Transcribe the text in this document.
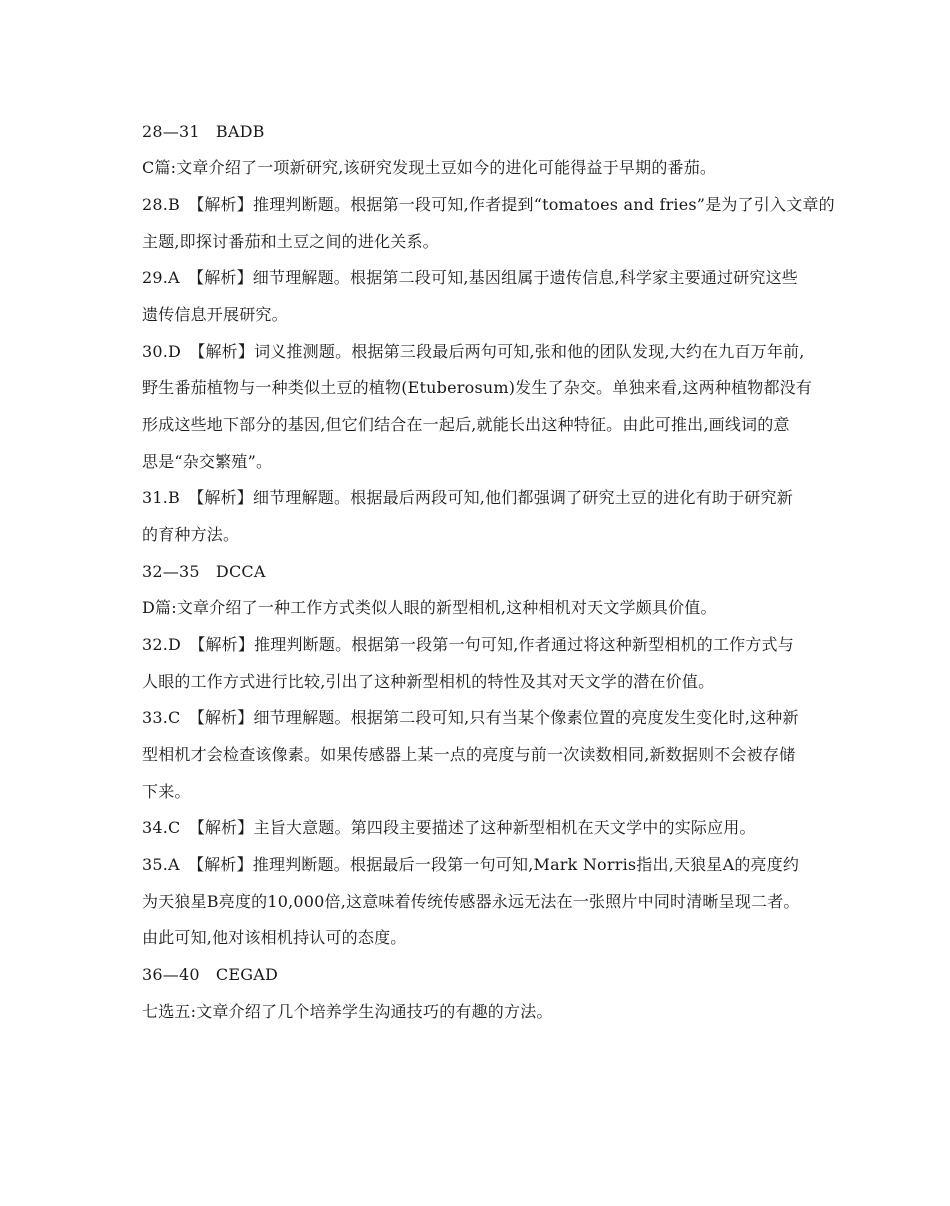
28—31　BADB
C篇:文章介绍了一项新研究,该研究发现土豆如今的进化可能得益于早期的番茄。
28.B　【解析】推理判断题。根据第一段可知,作者提到“tomatoes and fries”是为了引入文章的
主题,即探讨番茄和土豆之间的进化关系。
29.A　【解析】细节理解题。根据第二段可知,基因组属于遗传信息,科学家主要通过研究这些
遗传信息开展研究。
30.D　【解析】词义推测题。根据第三段最后两句可知,张和他的团队发现,大约在九百万年前,
野生番茄植物与一种类似土豆的植物(Etuberosum)发生了杂交。单独来看,这两种植物都没有
形成这些地下部分的基因,但它们结合在一起后,就能长出这种特征。由此可推出,画线词的意
思是“杂交繁殖”。
31.B　【解析】细节理解题。根据最后两段可知,他们都强调了研究土豆的进化有助于研究新
的育种方法。
32—35　DCCA
D篇:文章介绍了一种工作方式类似人眼的新型相机,这种相机对天文学颇具价值。
32.D　【解析】推理判断题。根据第一段第一句可知,作者通过将这种新型相机的工作方式与
人眼的工作方式进行比较,引出了这种新型相机的特性及其对天文学的潜在价值。
33.C　【解析】细节理解题。根据第二段可知,只有当某个像素位置的亮度发生变化时,这种新
型相机才会检查该像素。如果传感器上某一点的亮度与前一次读数相同,新数据则不会被存储
下来。
34.C　【解析】主旨大意题。第四段主要描述了这种新型相机在天文学中的实际应用。
35.A　【解析】推理判断题。根据最后一段第一句可知,Mark Norris指出,天狼星A的亮度约
为天狼星B亮度的10,000倍,这意味着传统传感器永远无法在一张照片中同时清晰呈现二者。
由此可知,他对该相机持认可的态度。
36—40　CEGAD
七选五:文章介绍了几个培养学生沟通技巧的有趣的方法。
